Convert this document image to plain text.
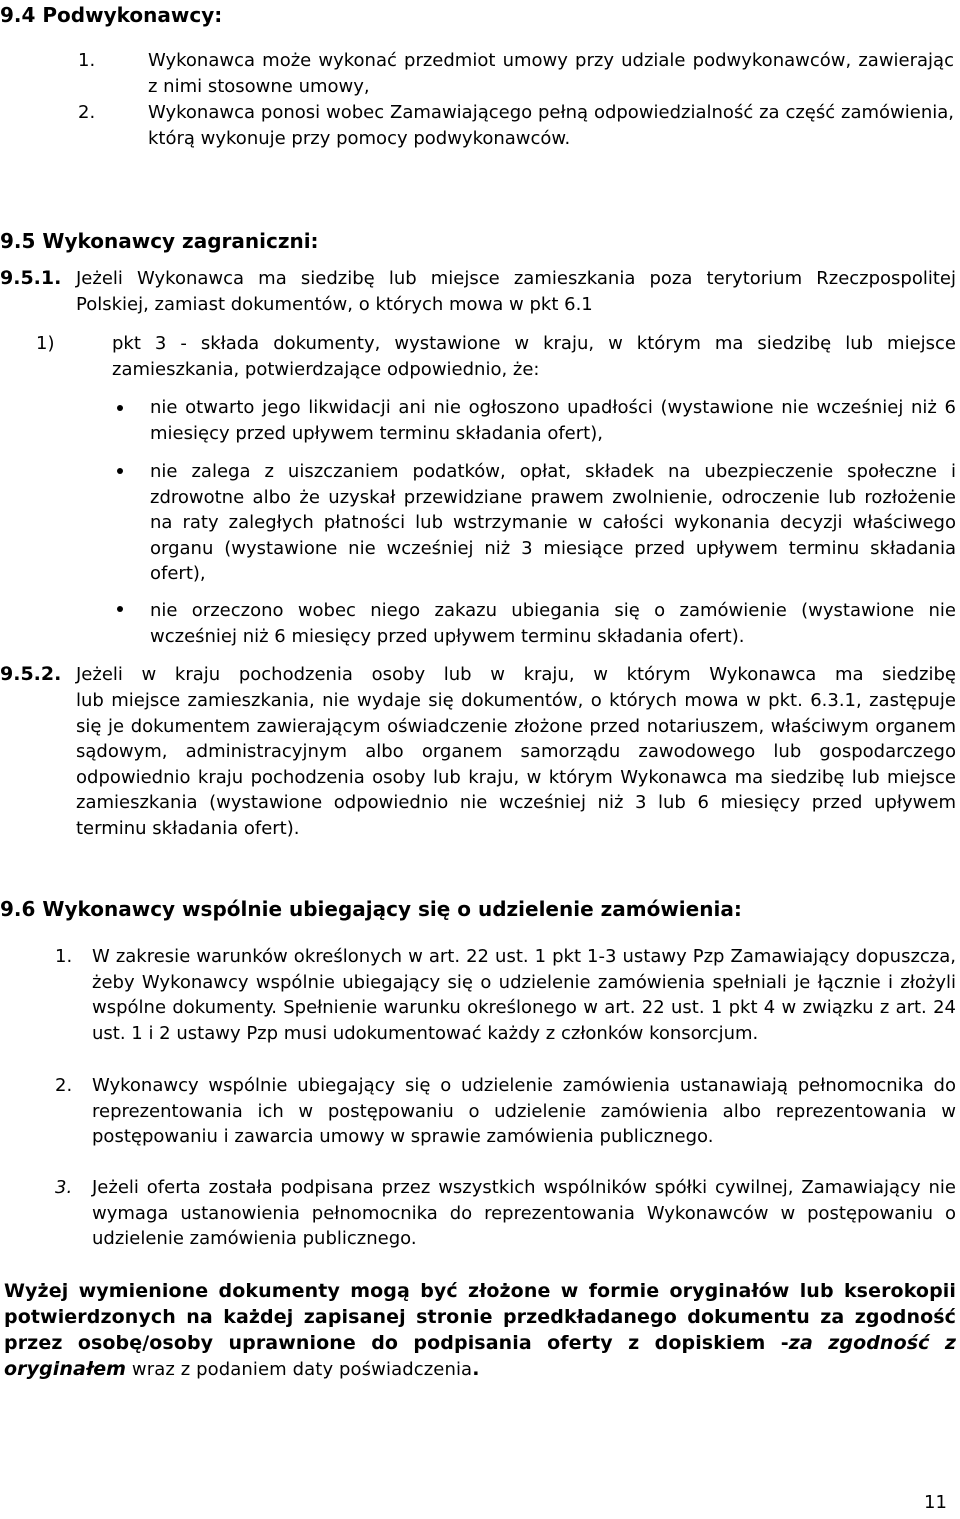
9.4 Podwykonawcy:
1.	Wykonawca może wykonać przedmiot umowy przy udziale podwykonawców, zawierając z nimi stosowne umowy,
2.	Wykonawca ponosi wobec Zamawiającego pełną odpowiedzialność za część zamówienia, którą wykonuje przy pomocy podwykonawców.
9.5 Wykonawcy zagraniczni:
9.5.1. Jeżeli Wykonawca ma siedzibę lub miejsce zamieszkania poza terytorium Rzeczpospolitej Polskiej, zamiast dokumentów, o których mowa w pkt 6.1
1)	pkt 3 - składa dokumenty, wystawione w kraju, w którym ma siedzibę lub miejsce zamieszkania, potwierdzające odpowiednio, że:
nie otwarto jego likwidacji ani nie ogłoszono upadłości (wystawione nie wcześniej niż 6 miesięcy przed upływem terminu składania ofert),
nie zalega z uiszczaniem podatków, opłat, składek na ubezpieczenie społeczne i zdrowotne albo że uzyskał przewidziane prawem zwolnienie, odroczenie lub rozłożenie na raty zaległych płatności lub wstrzymanie w całości wykonania decyzji właściwego organu (wystawione nie wcześniej niż 3 miesiące przed upływem terminu składania ofert),
nie orzeczono wobec niego zakazu ubiegania się o zamówienie (wystawione nie wcześniej niż 6 miesięcy przed upływem terminu składania ofert).
9.5.2. Jeżeli w kraju pochodzenia osoby lub w kraju, w którym Wykonawca ma siedzibę
lub miejsce zamieszkania, nie wydaje się dokumentów, o których mowa w pkt. 6.3.1, zastępuje się je dokumentem zawierającym oświadczenie złożone przed notariuszem, właściwym organem sądowym, administracyjnym albo organem samorządu zawodowego lub gospodarczego odpowiednio kraju pochodzenia osoby lub kraju, w którym Wykonawca ma siedzibę lub miejsce zamieszkania (wystawione odpowiednio nie wcześniej niż 3 lub 6 miesięcy przed upływem terminu składania ofert).
9.6 Wykonawcy wspólnie ubiegający się o udzielenie zamówienia:
1. W zakresie warunków określonych w art. 22 ust. 1 pkt 1-3 ustawy Pzp Zamawiający dopuszcza, żeby Wykonawcy wspólnie ubiegający się o udzielenie zamówienia spełniali je łącznie i złożyli wspólne dokumenty. Spełnienie warunku określonego w art. 22 ust. 1 pkt 4 w związku z art. 24 ust. 1 i 2 ustawy Pzp musi udokumentować każdy z członków konsorcjum.
2. Wykonawcy wspólnie ubiegający się o udzielenie zamówienia ustanawiają pełnomocnika do reprezentowania ich w postępowaniu o udzielenie zamówienia albo reprezentowania w postępowaniu i zawarcia umowy w sprawie zamówienia publicznego.
3. Jeżeli oferta została podpisana przez wszystkich wspólników spółki cywilnej, Zamawiający nie wymaga ustanowienia pełnomocnika do reprezentowania Wykonawców w postępowaniu o udzielenie zamówienia publicznego.
Wyżej wymienione dokumenty mogą być złożone w formie oryginałów lub kserokopii potwierdzonych na każdej zapisanej stronie przedkładanego dokumentu za zgodność przez osobę/osoby uprawnione do podpisania oferty z dopiskiem -za zgodność z oryginałem wraz z podaniem daty poświadczenia.
11
